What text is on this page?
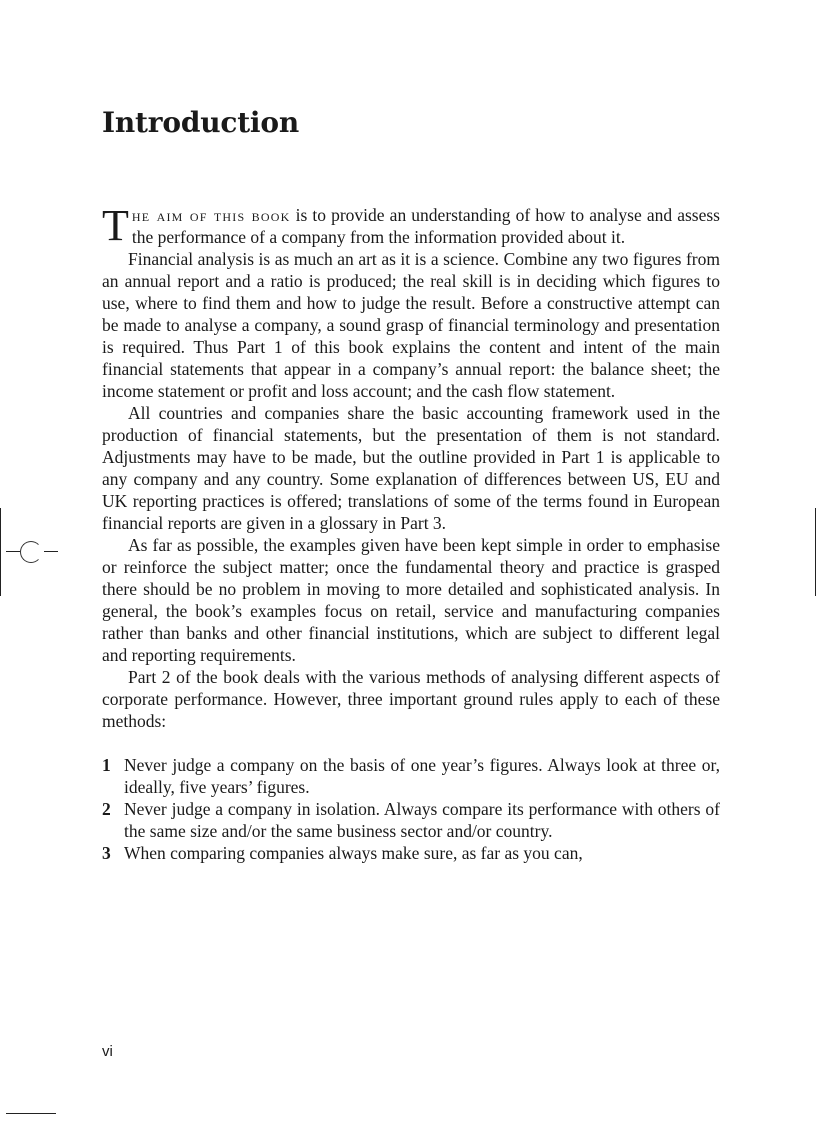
Introduction

The aim of this book is to provide an understanding of how to analyse and assess the performance of a company from the information provided about it.

Financial analysis is as much an art as it is a science. Combine any two figures from an annual report and a ratio is produced; the real skill is in deciding which figures to use, where to find them and how to judge the result. Before a constructive attempt can be made to analyse a company, a sound grasp of financial terminology and presentation is required. Thus Part 1 of this book explains the content and intent of the main financial statements that appear in a company’s annual report: the balance sheet; the income statement or profit and loss account; and the cash flow statement.

All countries and companies share the basic accounting framework used in the production of financial statements, but the presentation of them is not standard. Adjustments may have to be made, but the outline provided in Part 1 is applicable to any company and any country. Some explanation of differences between US, EU and UK reporting practices is offered; translations of some of the terms found in European financial reports are given in a glossary in Part 3.

As far as possible, the examples given have been kept simple in order to emphasise or reinforce the subject matter; once the fundamental theory and practice is grasped there should be no problem in moving to more detailed and sophisticated analysis. In general, the book’s examples focus on retail, service and manufacturing companies rather than banks and other financial institutions, which are subject to different legal and reporting requirements.

Part 2 of the book deals with the various methods of analysing different aspects of corporate performance. However, three important ground rules apply to each of these methods:

1 Never judge a company on the basis of one year’s figures. Always look at three or, ideally, five years’ figures.
2 Never judge a company in isolation. Always compare its performance with others of the same size and/or the same business sector and/or country.
3 When comparing companies always make sure, as far as you can,
vi
